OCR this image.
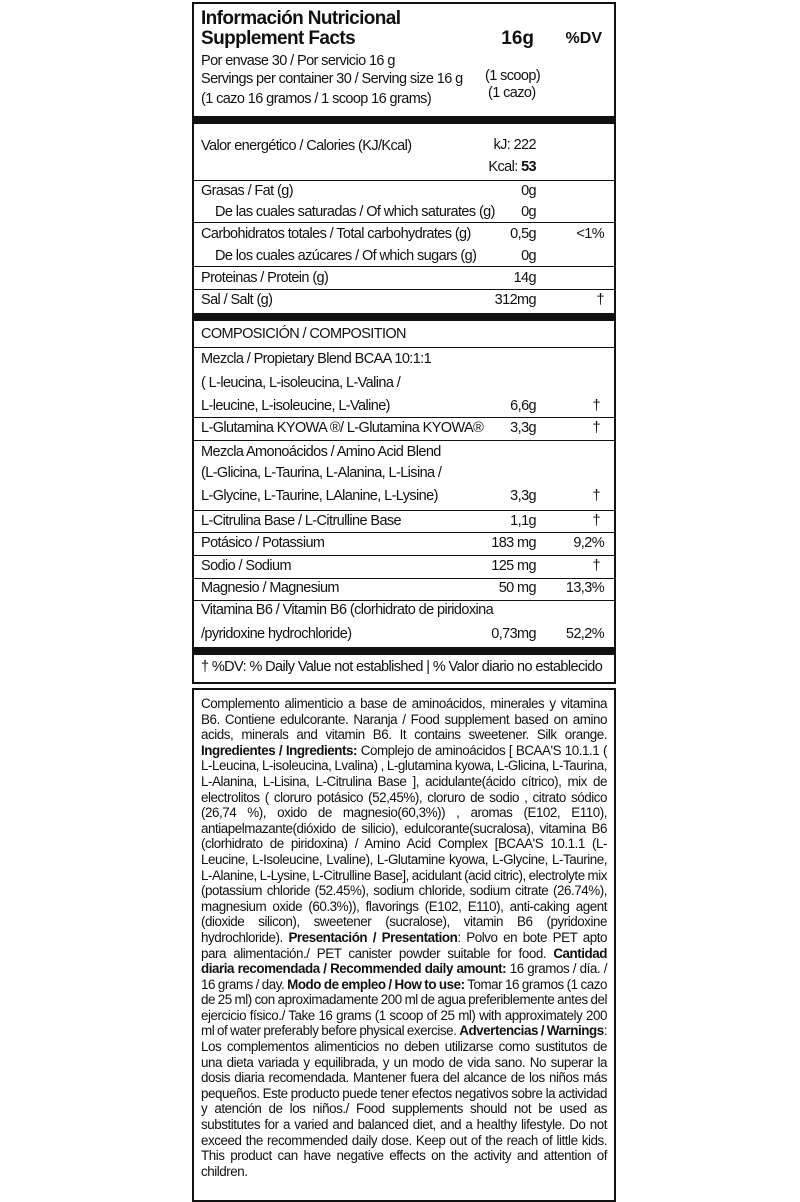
Información Nutricional
Supplement Facts	16g %DV
Por envase 30 / Por servicio 16 g
Servings per container 30 / Serving size 16 g
(1 cazo 16 gramos / 1 scoop 16 grams)
(1 scoop)
(1 cazo)
Valor energético / Calories (KJ/Kcal)	kJ: 222
Kcal: 53
Grasas / Fat (g)	0g
De las cuales saturadas / Of which saturates (g) 0g
Carbohidratos totales / Total carbohydrates (g)	0,5g	<1%
De los cuales azúcares / Of which sugars (g)	0g
Proteinas / Protein (g)	14g
Sal / Salt (g)	312mg	†
COMPOSICIÓN / COMPOSITION
Mezcla / Propietary Blend BCAA 10:1:1
( L-leucina, L-isoleucina, L-Valina /
L-leucine, L-isoleucine, L-Valine)	6,6g	†
L-Glutamina KYOWA ®/ L-Glutamina KYOWA® 3,3g	†
Mezcla Amonoácidos / Amino Acid Blend
(L-Glicina, L-Taurina, L-Alanina, L-Lisina /
L-Glycine, L-Taurine, LAlanine, L-Lysine)	3,3g	†
L-Citrulina Base / L-Citrulline Base	1,1g	†
Potásico / Potassium	183 mg	9,2%
Sodio / Sodium	125 mg	†
Magnesio / Magnesium	50 mg 13,3%
Vitamina B6 / Vitamin B6 (clorhidrato de piridoxina
/pyridoxine hydrochloride)	0,73mg 52,2%
† %DV: % Daily Value not established | % Valor diario no establecido
Complemento alimenticio a base de aminoácidos, minerales y vitamina B6. Contiene edulcorante. Naranja / Food supplement based on amino acids, minerals and vitamin B6. It contains sweetener. Silk orange. Ingredientes / Ingredients: Complejo de aminoácidos [ BCAA'S 10.1.1 ( L-Leucina, L-isoleucina, Lvalina) , L-glutamina kyowa, L-Glicina, L-Taurina, L-Alanina, L-Lisina, L-Citrulina Base ], acidulante(ácido cítrico), mix de electrolitos ( cloruro potásico (52,45%), cloruro de sodio , citrato sódico (26,74 %), oxido de magnesio(60,3%)) , aromas (E102, E110), antiapelmazante(dióxido de silicio), edulcorante(sucralosa), vitamina B6 (clorhidrato de piridoxina) / Amino Acid Complex [BCAA'S 10.1.1 (L-Leucine, L-Isoleucine, Lvaline), L-Glutamine kyowa, L-Glycine, L-Taurine, L-Alanine, L-Lysine, L-Citrulline Base], acidulant (acid citric), electrolyte mix (potassium chloride (52.45%), sodium chloride, sodium citrate (26.74%), magnesium oxide (60.3%)), flavorings (E102, E110), anti-caking agent (dioxide silicon), sweetener (sucralose), vitamin B6 (pyridoxine hydrochloride). Presentación / Presentation: Polvo en bote PET apto para alimentación./ PET canister powder suitable for food. Cantidad diaria recomendada / Recommended daily amount: 16 gramos / día. / 16 grams / day. Modo de empleo / How to use: Tomar 16 gramos (1 cazo de 25 ml) con aproximadamente 200 ml de agua preferiblemente antes del ejercicio físico./ Take 16 grams (1 scoop of 25 ml) with approximately 200 ml of water preferably before physical exercise. Advertencias / Warnings: Los complementos alimenticios no deben utilizarse como sustitutos de una dieta variada y equilibrada, y un modo de vida sano. No superar la dosis diaria recomendada. Mantener fuera del alcance de los niños más pequeños. Este producto puede tener efectos negativos sobre la actividad y atención de los niños./ Food supplements should not be used as substitutes for a varied and balanced diet, and a healthy lifestyle. Do not exceed the recommended daily dose. Keep out of the reach of little kids. This product can have negative effects on the activity and attention of children.
